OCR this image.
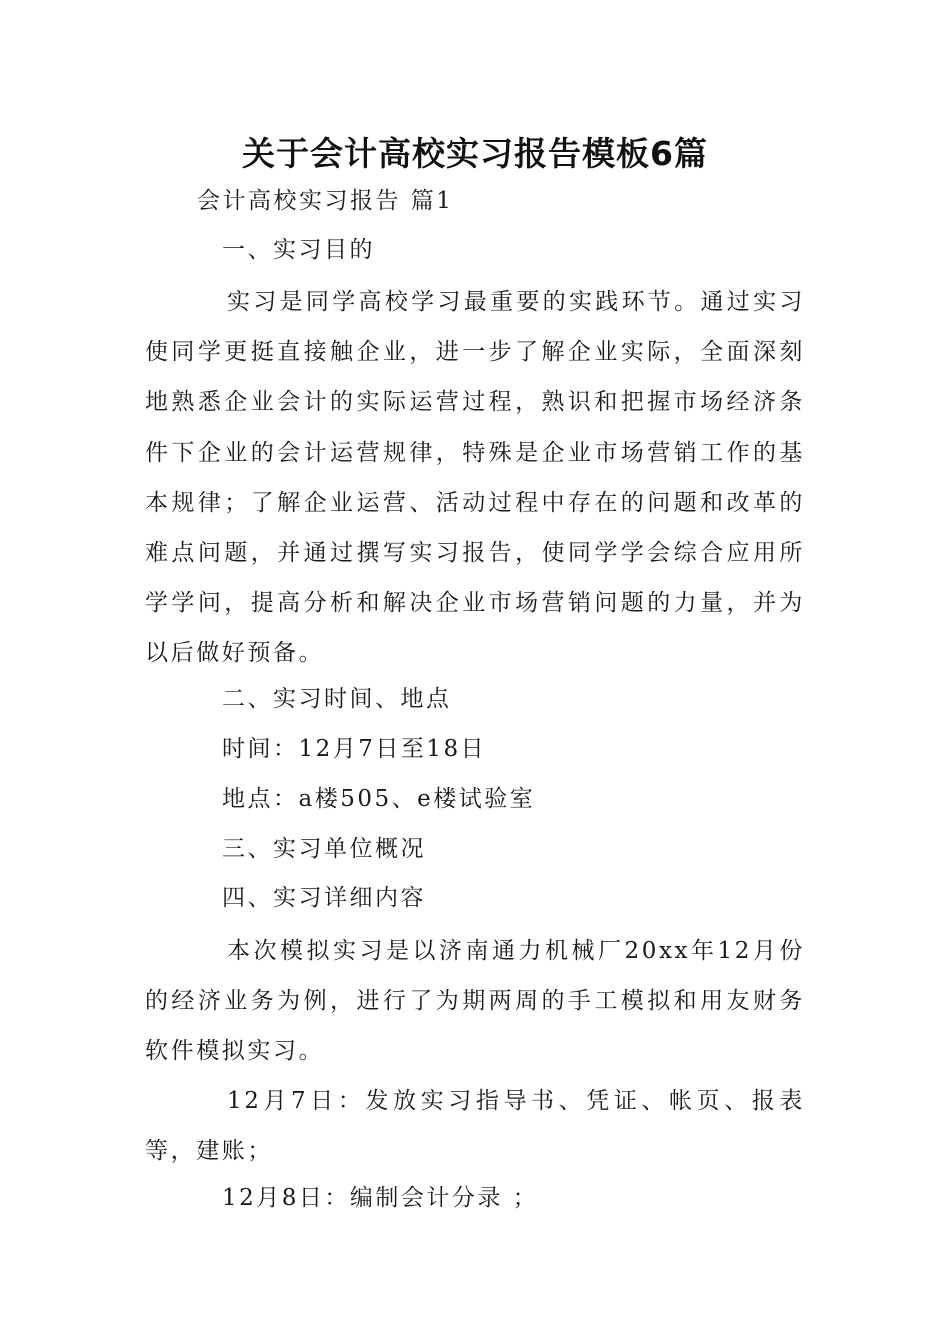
关于会计高校实习报告模板6篇
会计高校实习报告 篇1
一、实习目的
实习是同学高校学习最重要的实践环节。通过实习使同学更挺直接触企业，进一步了解企业实际，全面深刻地熟悉企业会计的实际运营过程，熟识和把握市场经济条件下企业的会计运营规律，特殊是企业市场营销工作的基本规律；了解企业运营、活动过程中存在的问题和改革的难点问题，并通过撰写实习报告，使同学学会综合应用所学学问，提高分析和解决企业市场营销问题的力量，并为以后做好预备。
二、实习时间、地点
时间：12月7日至18日
地点：a楼505、e楼试验室
三、实习单位概况
四、实习详细内容
本次模拟实习是以济南通力机械厂20xx年12月份的经济业务为例，进行了为期两周的手工模拟和用友财务软件模拟实习。
12月7日：发放实习指导书、凭证、帐页、报表等，建账；
12月8日：编制会计分录 ；
